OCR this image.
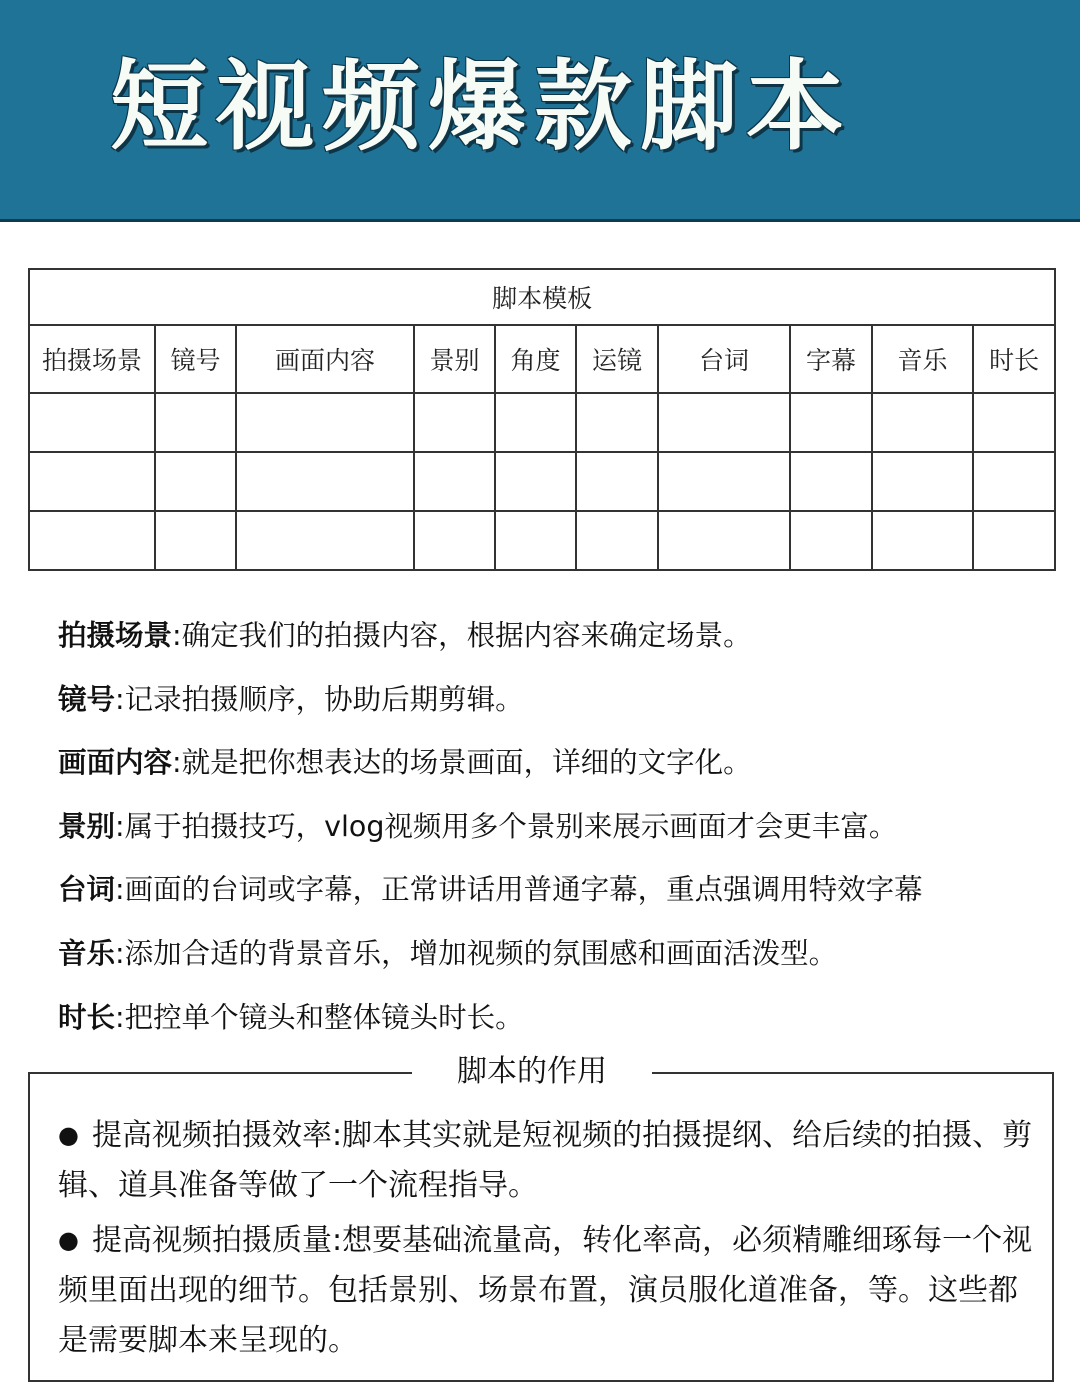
短视频爆款脚本
脚本模板									
拍摄场景	镜号	画面内容	景别	角度	运镜	台词	字幕	音乐	时长

拍摄场景:确定我们的拍摄内容，根据内容来确定场景。
镜号:记录拍摄顺序，协助后期剪辑。
画面内容:就是把你想表达的场景画面，详细的文字化。
景别:属于拍摄技巧，vlog视频用多个景别来展示画面才会更丰富。
台词:画面的台词或字幕，正常讲话用普通字幕，重点强调用特效字幕
音乐:添加合适的背景音乐，增加视频的氛围感和画面活泼型。
时长:把控单个镜头和整体镜头时长。
脚本的作用
● 提高视频拍摄效率:脚本其实就是短视频的拍摄提纲、给后续的拍摄、剪辑、道具准备等做了一个流程指导。
● 提高视频拍摄质量:想要基础流量高，转化率高，必须精雕细琢每一个视频里面出现的细节。包括景别、场景布置，演员服化道准备，等。这些都是需要脚本来呈现的。
